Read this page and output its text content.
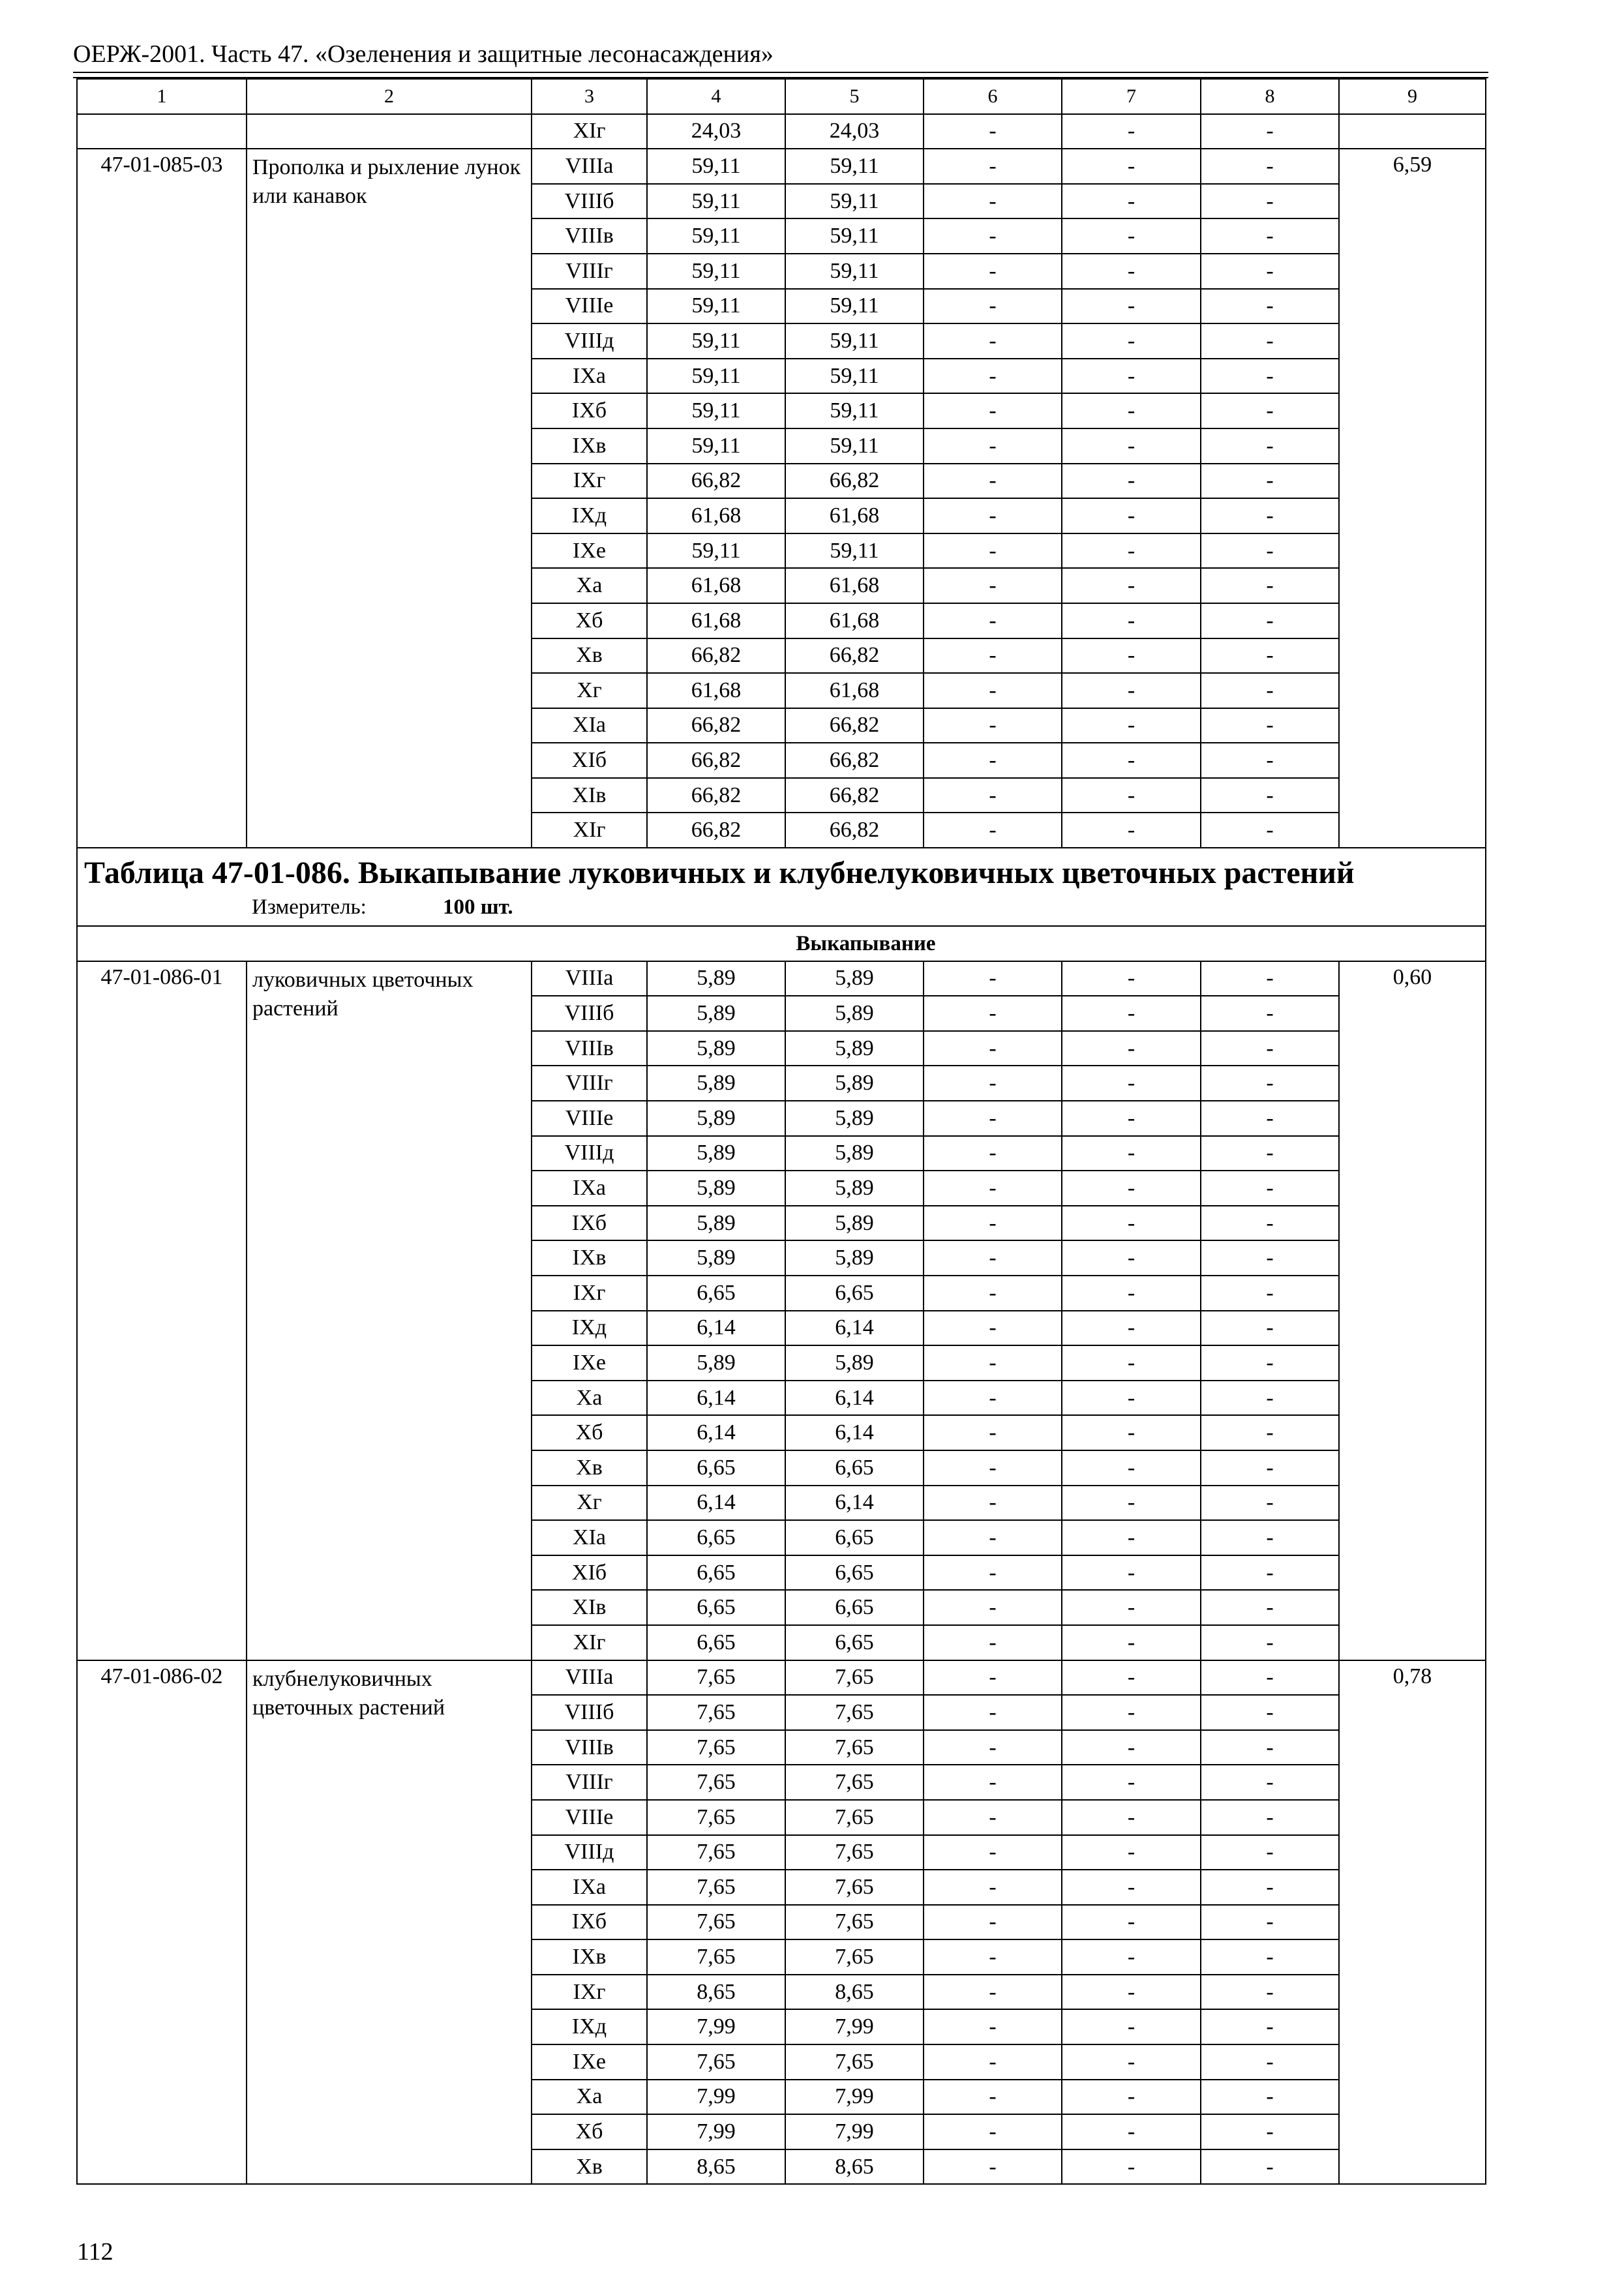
ОЕРЖ-2001. Часть 47. «Озеленения и защитные лесонасаждения»
1	2	3	4	5	6	7	8	9
		XIг	24,03	24,03	-	-	-	
47-01-085-03	Прополка и рыхление лунок или канавок	VIIIа	59,11	59,11	-	-	-	6,59
		VIIIб	59,11	59,11	-	-	-	
		VIIIв	59,11	59,11	-	-	-	
		VIIIг	59,11	59,11	-	-	-	
		VIIIе	59,11	59,11	-	-	-	
		VIIIд	59,11	59,11	-	-	-	
		IXа	59,11	59,11	-	-	-	
		IXб	59,11	59,11	-	-	-	
		IXв	59,11	59,11	-	-	-	
		IXг	66,82	66,82	-	-	-	
		IXд	61,68	61,68	-	-	-	
		IXе	59,11	59,11	-	-	-	
		Xа	61,68	61,68	-	-	-	
		Xб	61,68	61,68	-	-	-	
		Xв	66,82	66,82	-	-	-	
		Xг	61,68	61,68	-	-	-	
		XIа	66,82	66,82	-	-	-	
		XIб	66,82	66,82	-	-	-	
		XIв	66,82	66,82	-	-	-	
		XIг	66,82	66,82	-	-	-	

Таблица 47-01-086. Выкапывание луковичных и клубнелуковичных цветочных растений
Измеритель: 100 шт.								

	Выкапывание							
47-01-086-01	луковичных цветочных растений	VIIIа	5,89	5,89	-	-	-	0,60
		VIIIб	5,89	5,89	-	-	-	
		VIIIв	5,89	5,89	-	-	-	
		VIIIг	5,89	5,89	-	-	-	
		VIIIе	5,89	5,89	-	-	-	
		VIIIд	5,89	5,89	-	-	-	
		IXа	5,89	5,89	-	-	-	
		IXб	5,89	5,89	-	-	-	
		IXв	5,89	5,89	-	-	-	
		IXг	6,65	6,65	-	-	-	
		IXд	6,14	6,14	-	-	-	
		IXе	5,89	5,89	-	-	-	
		Xа	6,14	6,14	-	-	-	
		Xб	6,14	6,14	-	-	-	
		Xв	6,65	6,65	-	-	-	
		Xг	6,14	6,14	-	-	-	
		XIа	6,65	6,65	-	-	-	
		XIб	6,65	6,65	-	-	-	
		XIв	6,65	6,65	-	-	-	
		XIг	6,65	6,65	-	-	-	
47-01-086-02	клубнелуковичных цветочных растений	VIIIа	7,65	7,65	-	-	-	0,78
		VIIIб	7,65	7,65	-	-	-	
		VIIIв	7,65	7,65	-	-	-	
		VIIIг	7,65	7,65	-	-	-	
		VIIIе	7,65	7,65	-	-	-	
		VIIIд	7,65	7,65	-	-	-	
		IXа	7,65	7,65	-	-	-	
		IXб	7,65	7,65	-	-	-	
		IXв	7,65	7,65	-	-	-	
		IXг	8,65	8,65	-	-	-	
		IXд	7,99	7,99	-	-	-	
		IXе	7,65	7,65	-	-	-	
		Xа	7,99	7,99	-	-	-	
		Xб	7,99	7,99	-	-	-	
		Xв	8,65	8,65	-	-	-	
112
